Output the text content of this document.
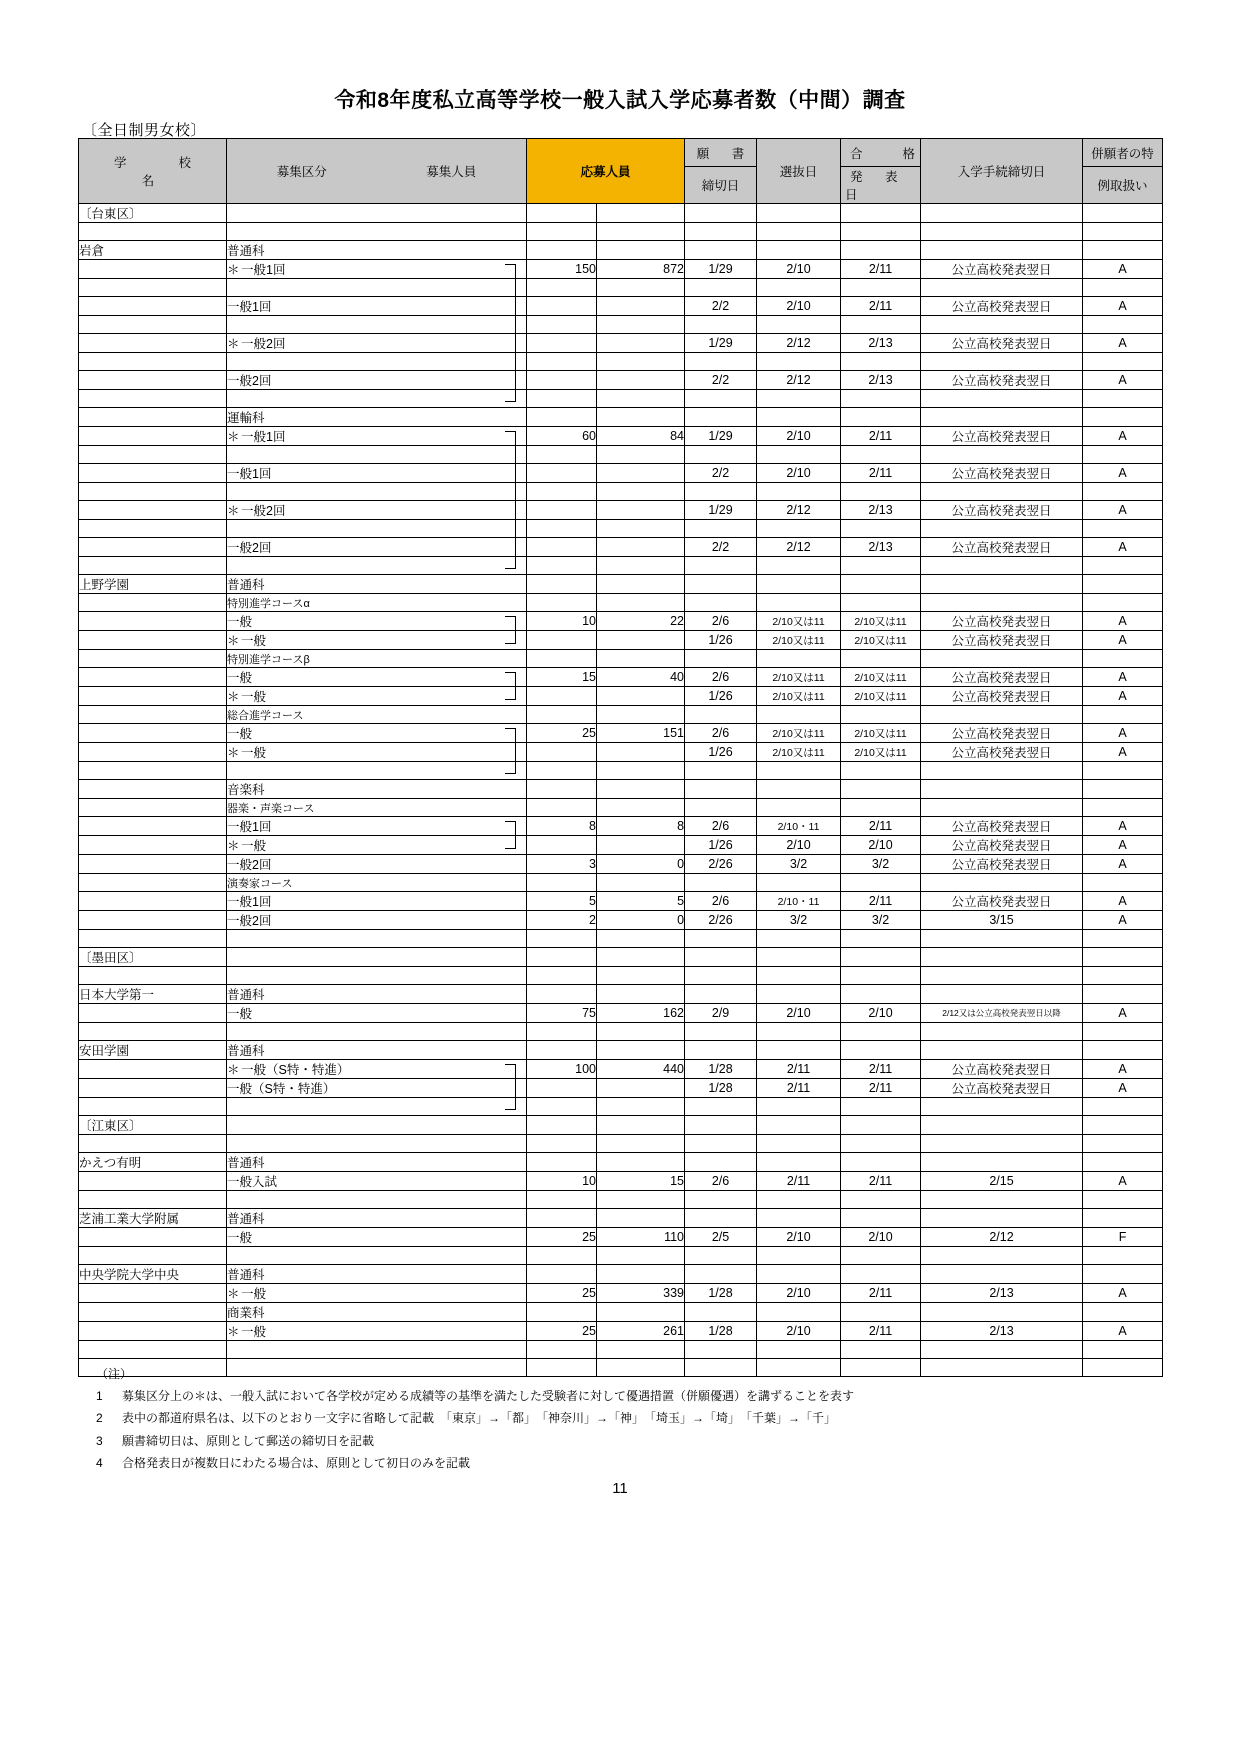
令和8年度私立高等学校一般入試入学応募者数（中間）調査
〔全日制男女校〕
学　　校　　名	募集区分 募集人員	応募人員		願　書	選抜日	合　　格	入学手続締切日	併願者の特
				締切日		発　表　日		例取扱い
〔台東区〕								

岩倉	普通科							
	＊一般1回	150	872	1/29	2/10	2/11	公立高校発表翌日	A

	一般1回			2/2	2/10	2/11	公立高校発表翌日	A

	＊一般2回			1/29	2/12	2/13	公立高校発表翌日	A

	一般2回			2/2	2/12	2/13	公立高校発表翌日	A

	運輸科							
	＊一般1回	60	84	1/29	2/10	2/11	公立高校発表翌日	A

	一般1回			2/2	2/10	2/11	公立高校発表翌日	A

	＊一般2回			1/29	2/12	2/13	公立高校発表翌日	A

	一般2回			2/2	2/12	2/13	公立高校発表翌日	A

上野学園	普通科							
	特別進学コースα							
	一般	10	22	2/6	2/10又は11	2/10又は11	公立高校発表翌日	A
	＊一般			1/26	2/10又は11	2/10又は11	公立高校発表翌日	A
	特別進学コースβ							
	一般	15	40	2/6	2/10又は11	2/10又は11	公立高校発表翌日	A
	＊一般			1/26	2/10又は11	2/10又は11	公立高校発表翌日	A
	総合進学コース							
	一般	25	151	2/6	2/10又は11	2/10又は11	公立高校発表翌日	A
	＊一般			1/26	2/10又は11	2/10又は11	公立高校発表翌日	A

	音楽科							
	器楽・声楽コース							
	一般1回	8	8	2/6	2/10・11	2/11	公立高校発表翌日	A
	＊一般			1/26	2/10	2/10	公立高校発表翌日	A
	一般2回	3	0	2/26	3/2	3/2	公立高校発表翌日	A
	演奏家コース							
	一般1回	5	5	2/6	2/10・11	2/11	公立高校発表翌日	A
	一般2回	2	0	2/26	3/2	3/2	3/15	A

〔墨田区〕								

日本大学第一	普通科							
	一般	75	162	2/9	2/10	2/10	2/12又は公立高校発表翌日以降	A

安田学園	普通科							
	＊一般（S特・特進）	100	440	1/28	2/11	2/11	公立高校発表翌日	A
	一般（S特・特進）			1/28	2/11	2/11	公立高校発表翌日	A

〔江東区〕								

かえつ有明	普通科							
	一般入試	10	15	2/6	2/11	2/11	2/15	A

芝浦工業大学附属	普通科							
	一般	25	110	2/5	2/10	2/10	2/12	F

中央学院大学中央	普通科							
	＊一般	25	339	1/28	2/10	2/11	2/13	A
	商業科							
	＊一般	25	261	1/28	2/10	2/11	2/13	A

（注）
1	募集区分上の＊は、一般入試において各学校が定める成績等の基準を満たした受験者に対して優遇措置（併願優遇）を講ずることを表す
2	表中の都道府県名は、以下のとおり一文字に省略して記載　「東京」→「都」　「神奈川」→「神」　「埼玉」→「埼」　「千葉」→「千」
3	願書締切日は、原則として郵送の締切日を記載
4	合格発表日が複数日にわたる場合は、原則として初日のみを記載
11
